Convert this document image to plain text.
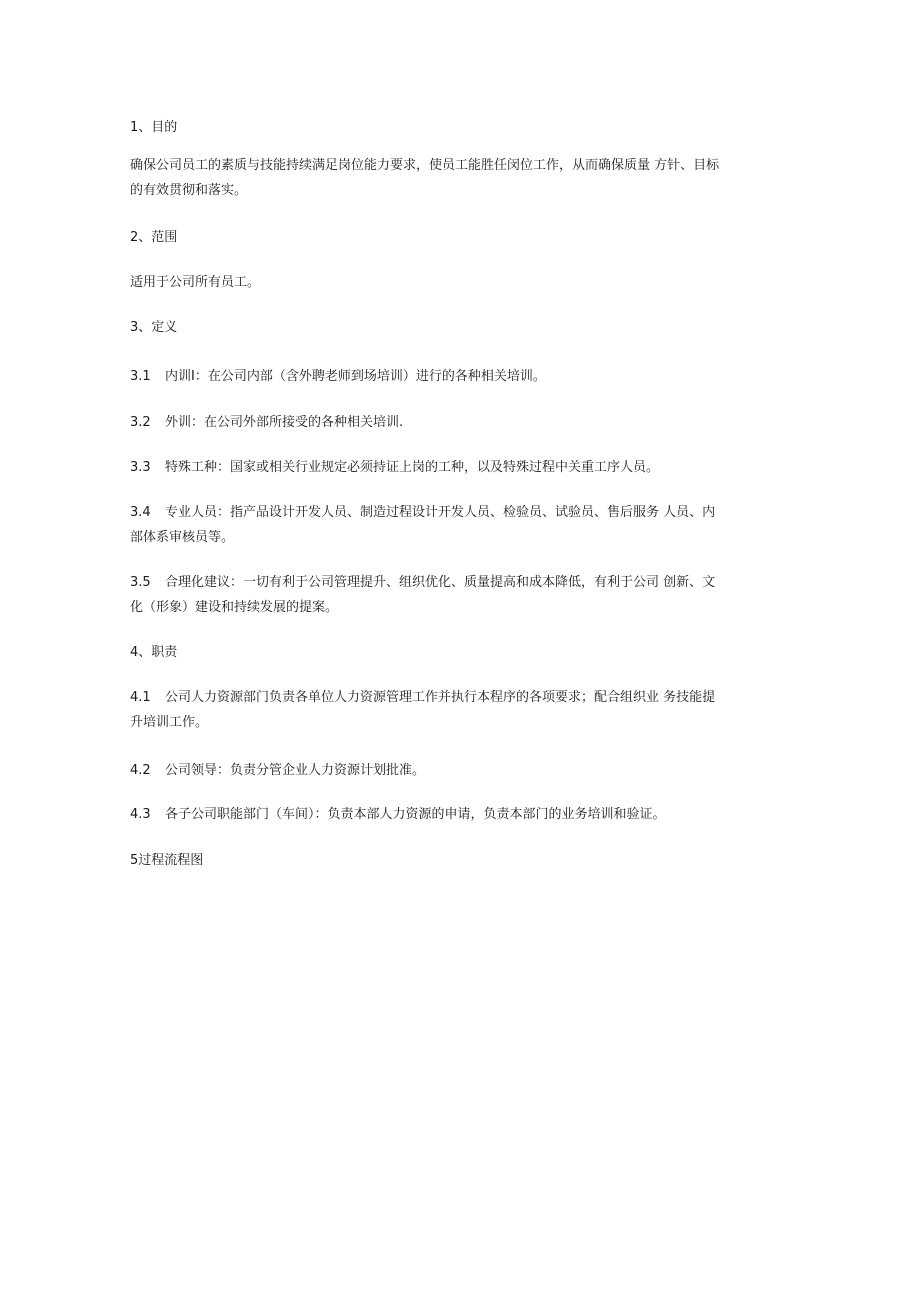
1、目的
确保公司员工的素质与技能持续满足岗位能力要求，使员工能胜任闵位工作，从而确保质量 方针、目标
的有效贯彻和落实。
2、范围
适用于公司所有员工。
3、定义
3.1 内训I：在公司内部（含外聘老师到场培训）进行的各种相关培训。
3.2 外训：在公司外部所接受的各种相关培训.
3.3 特殊工种：国家或相关行业规定必须持证上岗的工种，以及特殊过程中关重工序人员。
3.4 专业人员：指产品设计开发人员、制造过程设计开发人员、检验员、试验员、售后服务 人员、内
部体系审核员等。
3.5 合理化建议：一切有利于公司管理提升、组织优化、质量提高和成本降低，有利于公司 创新、文
化（形象）建设和持续发展的提案。
4、职责
4.1 公司人力资源部门负责各单位人力资源管理工作并执行本程序的各项要求；配合组织业 务技能提
升培训工作。
4.2 公司领导：负责分管企业人力资源计划批准。
4.3 各子公司职能部门（车间）：负责本部人力资源的申请，负责本部门的业务培训和验证。
5过程流程图
